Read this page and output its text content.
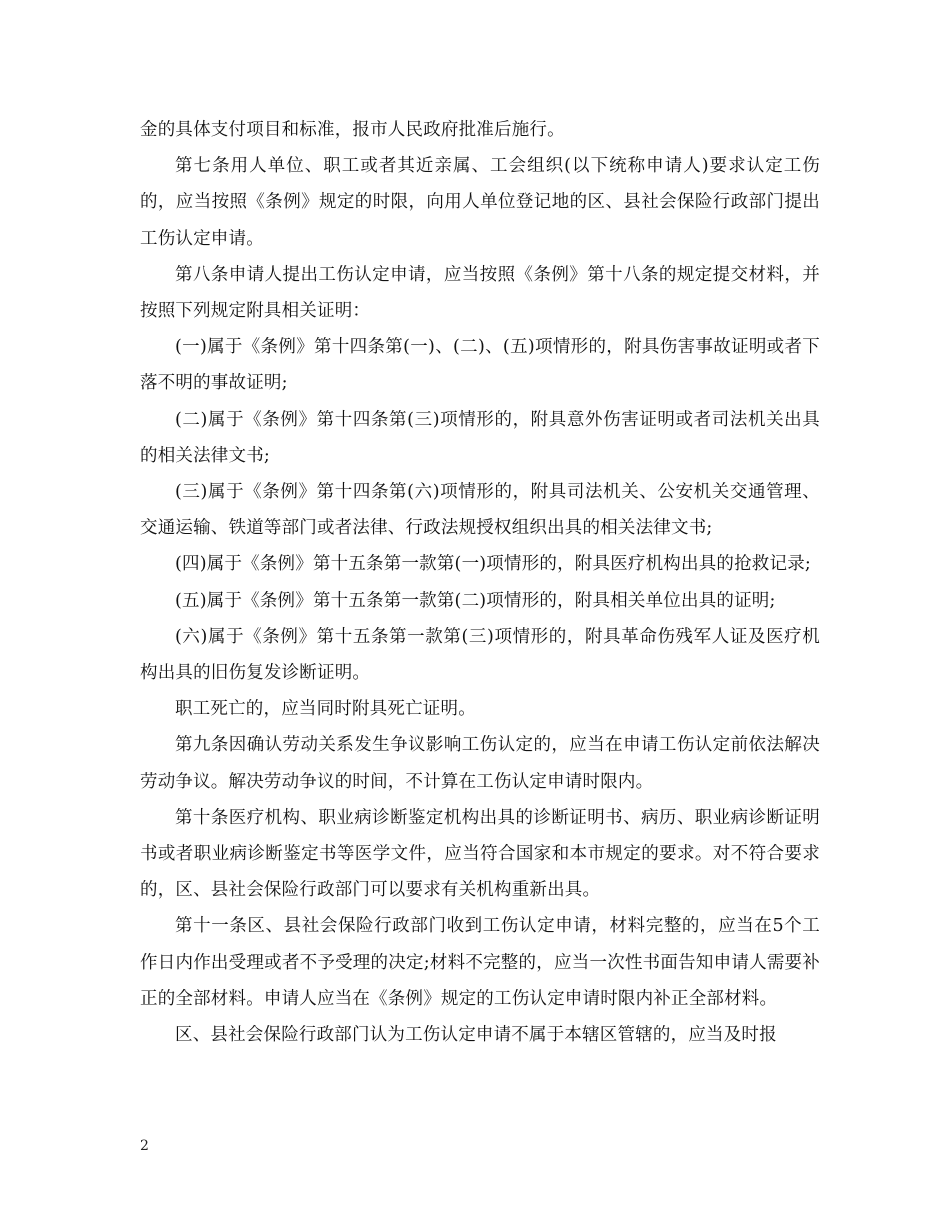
金的具体支付项目和标准，报市人民政府批准后施行。

第七条用人单位、职工或者其近亲属、工会组织(以下统称申请人)要求认定工伤的，应当按照《条例》规定的时限，向用人单位登记地的区、县社会保险行政部门提出工伤认定申请。

第八条申请人提出工伤认定申请，应当按照《条例》第十八条的规定提交材料，并按照下列规定附具相关证明：

(一)属于《条例》第十四条第(一)、(二)、(五)项情形的，附具伤害事故证明或者下落不明的事故证明;

(二)属于《条例》第十四条第(三)项情形的，附具意外伤害证明或者司法机关出具的相关法律文书;

(三)属于《条例》第十四条第(六)项情形的，附具司法机关、公安机关交通管理、交通运输、铁道等部门或者法律、行政法规授权组织出具的相关法律文书;

(四)属于《条例》第十五条第一款第(一)项情形的，附具医疗机构出具的抢救记录;

(五)属于《条例》第十五条第一款第(二)项情形的，附具相关单位出具的证明;

(六)属于《条例》第十五条第一款第(三)项情形的，附具革命伤残军人证及医疗机构出具的旧伤复发诊断证明。

职工死亡的，应当同时附具死亡证明。

第九条因确认劳动关系发生争议影响工伤认定的，应当在申请工伤认定前依法解决劳动争议。解决劳动争议的时间，不计算在工伤认定申请时限内。

第十条医疗机构、职业病诊断鉴定机构出具的诊断证明书、病历、职业病诊断证明书或者职业病诊断鉴定书等医学文件，应当符合国家和本市规定的要求。对不符合要求的，区、县社会保险行政部门可以要求有关机构重新出具。

第十一条区、县社会保险行政部门收到工伤认定申请，材料完整的，应当在5个工作日内作出受理或者不予受理的决定;材料不完整的，应当一次性书面告知申请人需要补正的全部材料。申请人应当在《条例》规定的工伤认定申请时限内补正全部材料。

区、县社会保险行政部门认为工伤认定申请不属于本辖区管辖的，应当及时报

2
